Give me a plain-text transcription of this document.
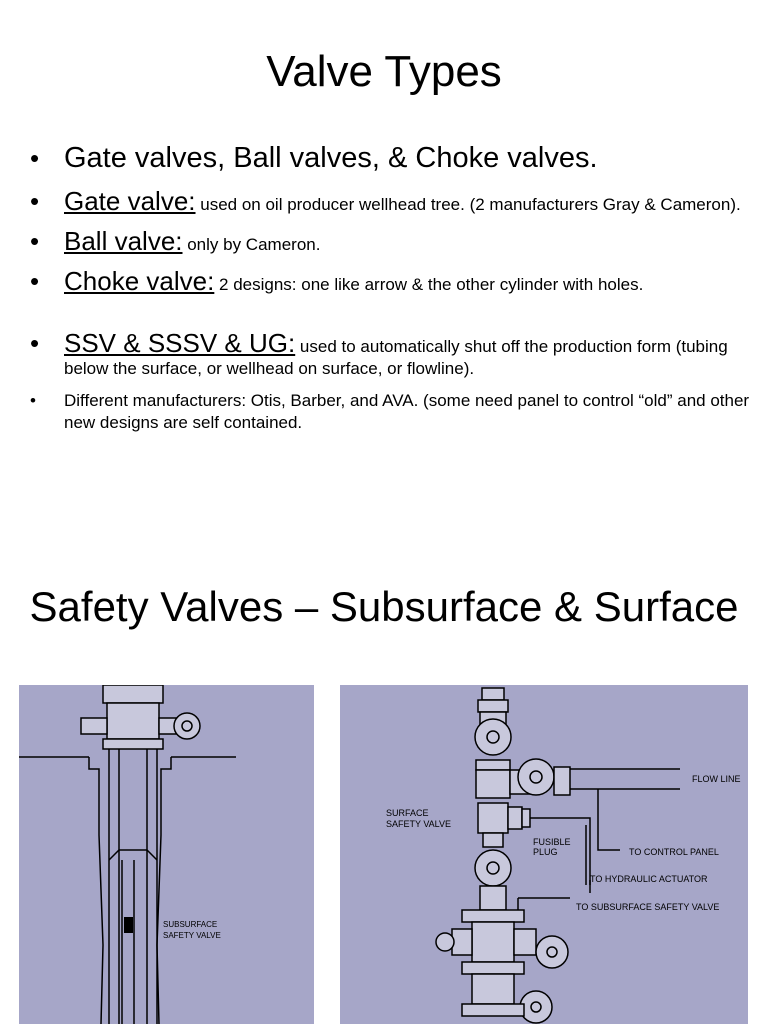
Valve Types
• Gate valves, Ball valves, & Choke valves.
• Gate valve: used on oil producer wellhead tree. (2 manufacturers Gray & Cameron).
• Ball valve: only by Cameron.
• Choke valve: 2 designs: one like arrow & the other cylinder with holes.
• SSV & SSSV & UG: used to automatically shut off the production form (tubing below the surface, or wellhead on surface, or flowline).
• Different manufacturers: Otis, Barber, and AVA. (some need panel to control “old” and other new designs are self contained.
Safety Valves – Subsurface & Surface
SUBSURFACE SAFETY VALVE
FLOW LINE
SURFACE SAFETY VALVE
FUSIBLE PLUG	TO CONTROL PANEL
TO HYDRAULIC ACTUATOR
TO SUBSURFACE SAFETY VALVE
